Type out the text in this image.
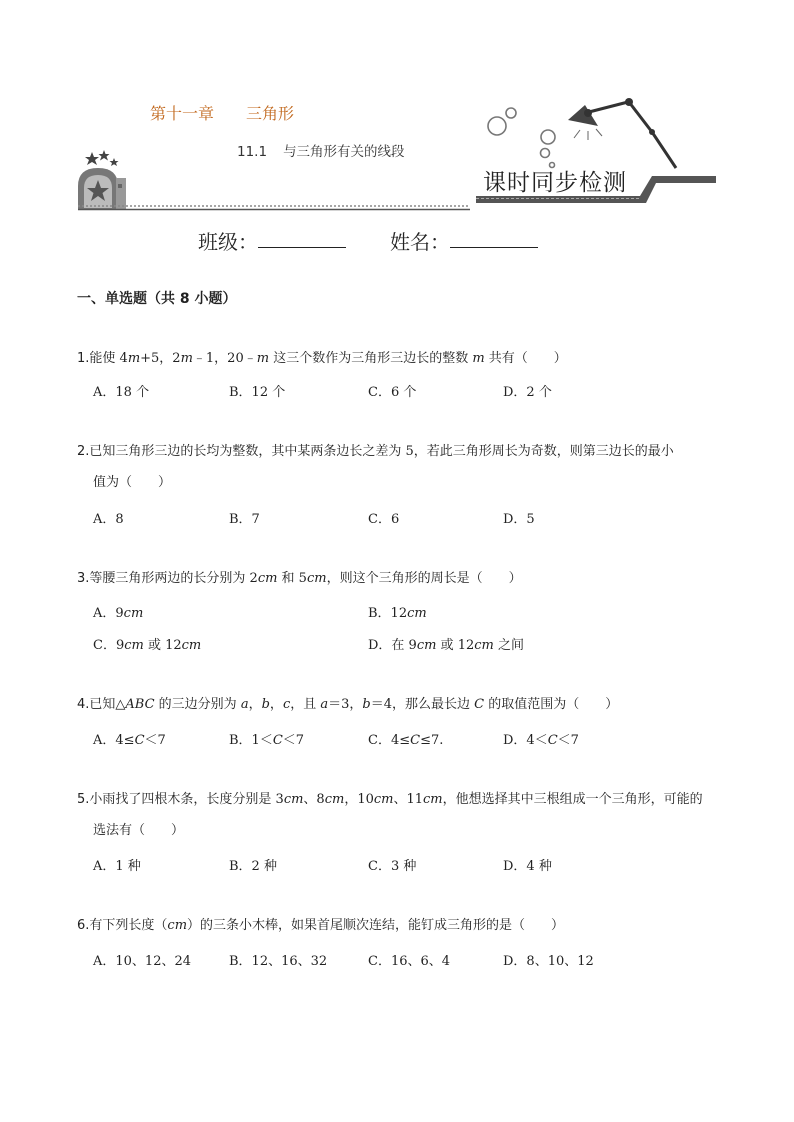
第十一章 三角形
11.1 与三角形有关的线段
课时同步检测
班级：	姓名：
一、单选题（共 8 小题）
1.能使 4m+5，2m﹣1，20﹣m 这三个数作为三角形三边长的整数 m 共有（　　）
A．18 个	B．12 个	C．6 个	D．2 个
2.已知三角形三边的长均为整数，其中某两条边长之差为 5，若此三角形周长为奇数，则第三边长的最小
值为（　　）
A．8	B．7	C．6	D．5
3.等腰三角形两边的长分别为 2cm 和 5cm，则这个三角形的周长是（　　）
A．9cm	B．12cm
C．9cm 或 12cm	D．在 9cm 或 12cm 之间
4.已知△ABC 的三边分别为 a，b，c，且 a＝3，b＝4，那么最长边 C 的取值范围为（　　）
A．4≤C＜7	B．1＜C＜7	C．4≤C≤7.	D．4＜C＜7
5.小雨找了四根木条，长度分别是 3cm、8cm，10cm、11cm，他想选择其中三根组成一个三角形，可能的
选法有（　　）
A．1 种	B．2 种	C．3 种	D．4 种
6.有下列长度（cm）的三条小木棒，如果首尾顺次连结，能钉成三角形的是（　　）
A．10、12、24	B．12、16、32	C．16、6、4	D．8、10、12
